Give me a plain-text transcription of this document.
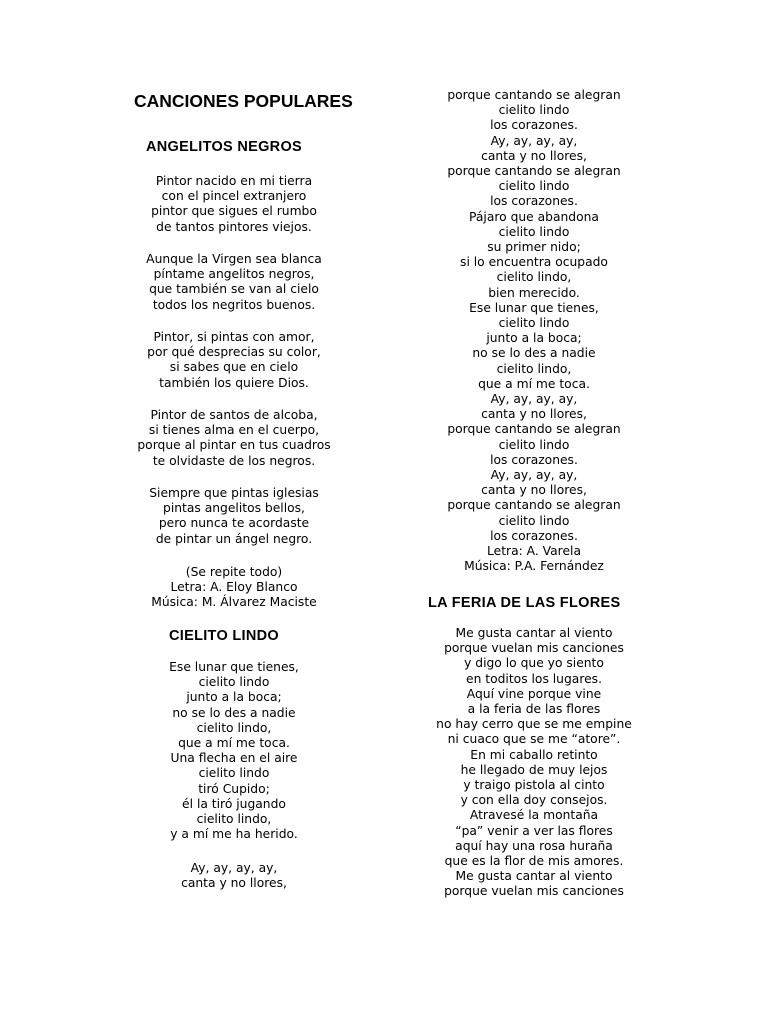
CANCIONES POPULARES
ANGELITOS NEGROS
Pintor nacido en mi tierra
con el pincel extranjero
pintor que sigues el rumbo
de tantos pintores viejos.
Aunque la Virgen sea blanca
píntame angelitos negros,
que también se van al cielo
todos los negritos buenos.
Pintor, si pintas con amor,
por qué desprecias su color,
si sabes que en cielo
también los quiere Dios.
Pintor de santos de alcoba,
si tienes alma en el cuerpo,
porque al pintar en tus cuadros
te olvidaste de los negros.
Siempre que pintas iglesias
pintas angelitos bellos,
pero nunca te acordaste
de pintar un ángel negro.
(Se repite todo)
Letra: A. Eloy Blanco
Música: M. Álvarez Maciste
CIELITO LINDO
Ese lunar que tienes,
cielito lindo
junto a la boca;
no se lo des a nadie
cielito lindo,
que a mí me toca.
Una flecha en el aire
cielito lindo
tiró Cupido;
él la tiró jugando
cielito lindo,
y a mí me ha herido.
Ay, ay, ay, ay,
canta y no llores,
porque cantando se alegran
cielito lindo
los corazones.
Ay, ay, ay, ay,
canta y no llores,
porque cantando se alegran
cielito lindo
los corazones.
Pájaro que abandona
cielito lindo
su primer nido;
si lo encuentra ocupado
cielito lindo,
bien merecido.
Ese lunar que tienes,
cielito lindo
junto a la boca;
no se lo des a nadie
cielito lindo,
que a mí me toca.
Ay, ay, ay, ay,
canta y no llores,
porque cantando se alegran
cielito lindo
los corazones.
Ay, ay, ay, ay,
canta y no llores,
porque cantando se alegran
cielito lindo
los corazones.
Letra: A. Varela
Música: P.A. Fernández
LA FERIA DE LAS FLORES
Me gusta cantar al viento
porque vuelan mis canciones
y digo lo que yo siento
en toditos los lugares.
Aquí vine porque vine
a la feria de las flores
no hay cerro que se me empine
ni cuaco que se me “atore”.
En mi caballo retinto
he llegado de muy lejos
y traigo pistola al cinto
y con ella doy consejos.
Atravesé la montaña
“pa” venir a ver las flores
aquí hay una rosa huraña
que es la flor de mis amores.
Me gusta cantar al viento
porque vuelan mis canciones
